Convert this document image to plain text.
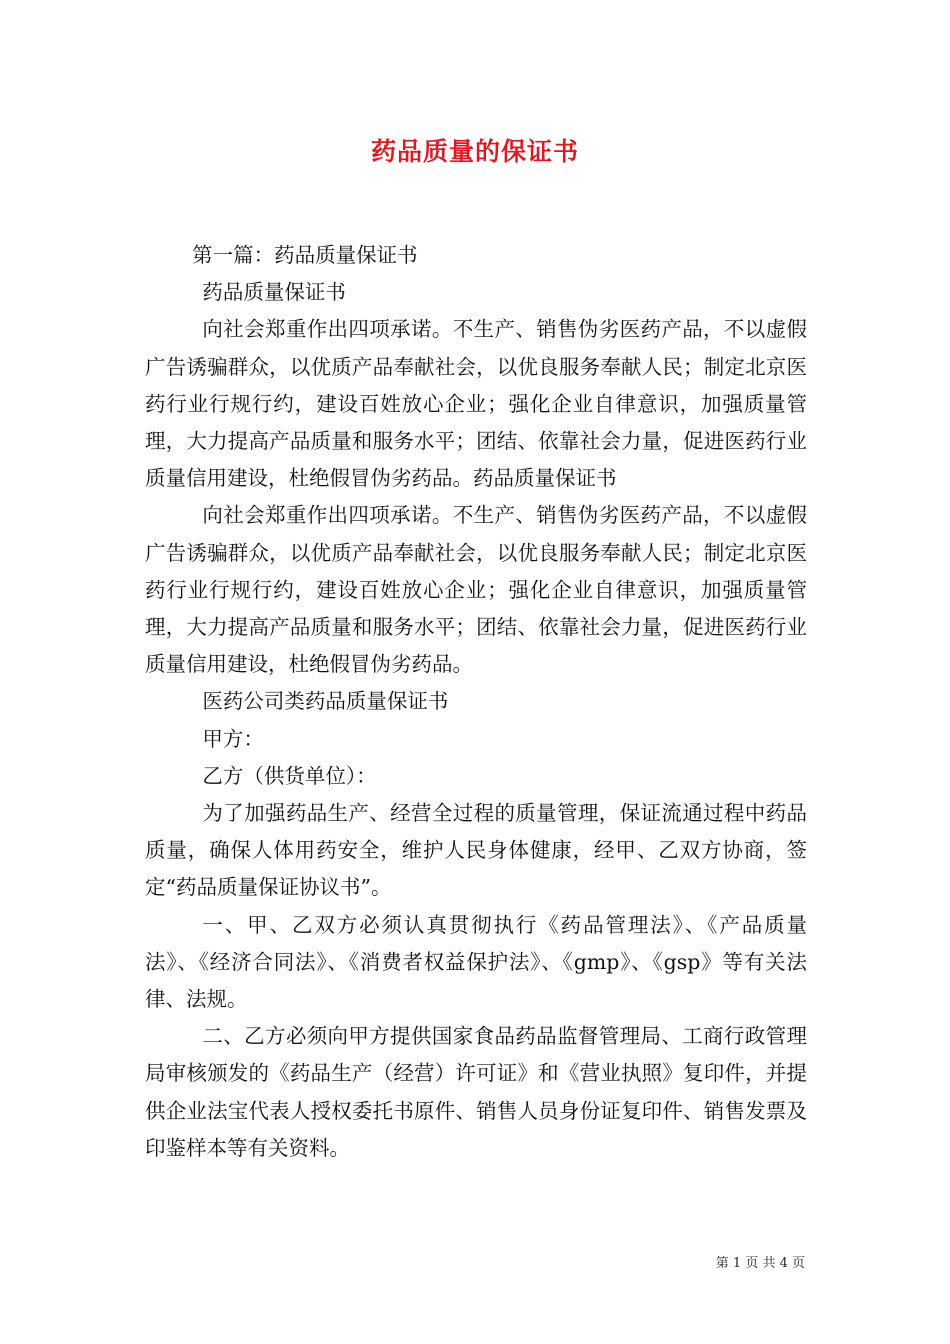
药品质量的保证书

第一篇：药品质量保证书

药品质量保证书

向社会郑重作出四项承诺。不生产、销售伪劣医药产品，不以虚假广告诱骗群众，以优质产品奉献社会，以优良服务奉献人民；制定北京医药行业行规行约，建设百姓放心企业；强化企业自律意识，加强质量管理，大力提高产品质量和服务水平；团结、依靠社会力量，促进医药行业质量信用建设，杜绝假冒伪劣药品。药品质量保证书

向社会郑重作出四项承诺。不生产、销售伪劣医药产品，不以虚假广告诱骗群众，以优质产品奉献社会，以优良服务奉献人民；制定北京医药行业行规行约，建设百姓放心企业；强化企业自律意识，加强质量管理，大力提高产品质量和服务水平；团结、依靠社会力量，促进医药行业质量信用建设，杜绝假冒伪劣药品。

医药公司类药品质量保证书

甲方：

乙方（供货单位）：

为了加强药品生产、经营全过程的质量管理，保证流通过程中药品质量，确保人体用药安全，维护人民身体健康，经甲、乙双方协商，签定“药品质量保证协议书”。

一、甲、乙双方必须认真贯彻执行《药品管理法》、《产品质量法》、《经济合同法》、《消费者权益保护法》、《gmp》、《gsp》等有关法律、法规。

二、乙方必须向甲方提供国家食品药品监督管理局、工商行政管理局审核颁发的《药品生产（经营）许可证》和《营业执照》复印件，并提供企业法宝代表人授权委托书原件、销售人员身份证复印件、销售发票及印鉴样本等有关资料。

第 1 页 共 4 页
